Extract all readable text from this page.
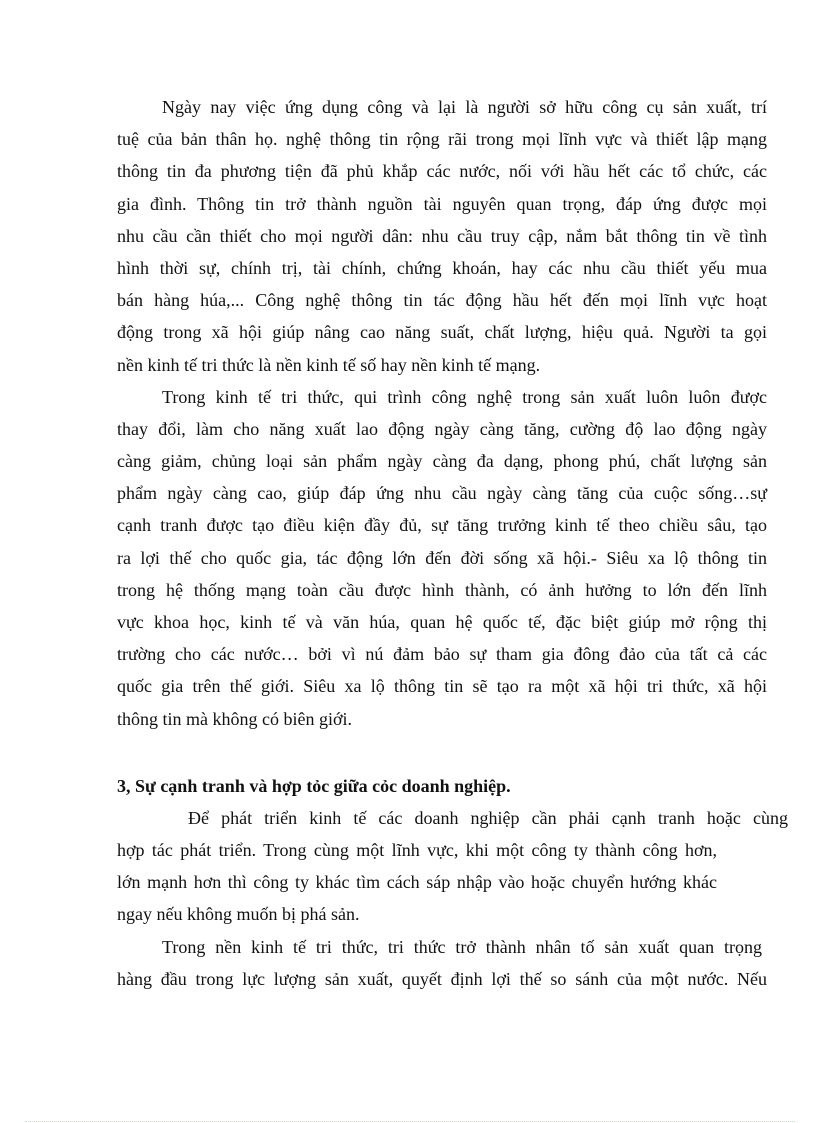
Ngày nay việc ứng dụng công và lại là người sở hữu công cụ sản xuất, trí
tuệ của bản thân họ. nghệ thông tin rộng rãi trong mọi lĩnh vực và thiết lập mạng
thông tin đa phương tiện đã phủ khắp các nước, nối với hầu hết các tổ chức, các
gia đình. Thông tin trở thành nguồn tài nguyên quan trọng, đáp ứng được mọi
nhu cầu cần thiết cho mọi người dân: nhu cầu truy cập, nắm bắt thông tin về tình
hình thời sự, chính trị, tài chính, chứng khoán, hay các nhu cầu thiết yếu mua
bán hàng húa,... Công nghệ thông tin tác động hầu hết đến mọi lĩnh vực hoạt
động trong xã hội giúp nâng cao năng suất, chất lượng, hiệu quả. Người ta gọi
nền kinh tế tri thức là nền kinh tế số hay nền kinh tế mạng.
Trong kinh tế tri thức, qui trình công nghệ trong sản xuất luôn luôn được
thay đổi, làm cho năng xuất lao động ngày càng tăng, cường độ lao động ngày
càng giảm, chủng loại sản phẩm ngày càng đa dạng, phong phú, chất lượng sản
phẩm ngày càng cao, giúp đáp ứng nhu cầu ngày càng tăng của cuộc sống…sự
cạnh tranh được tạo điều kiện đầy đủ, sự tăng trưởng kinh tế theo chiều sâu, tạo
ra lợi thế cho quốc gia, tác động lớn đến đời sống xã hội.- Siêu xa lộ thông tin
trong hệ thống mạng toàn cầu được hình thành, có ảnh hưởng to lớn đến lĩnh
vực khoa học, kinh tế và văn húa, quan hệ quốc tế, đặc biệt giúp mở rộng thị
trường cho các nước… bởi vì nú đảm bảo sự tham gia đông đảo của tất cả các
quốc gia trên thế giới. Siêu xa lộ thông tin sẽ tạo ra một xã hội tri thức, xã hội
thông tin mà không có biên giới.
3, Sự cạnh tranh và hợp tỏc giữa cỏc doanh nghiệp.
Để phát triển kinh tế các doanh nghiệp cần phải cạnh tranh hoặc cùng
hợp tác phát triển. Trong cùng một lĩnh vực, khi một công ty thành công hơn,
lớn mạnh hơn thì công ty khác tìm cách sáp nhập vào hoặc chuyển hướng khác
ngay nếu không muốn bị phá sản.
Trong nền kinh tế tri thức, tri thức trở thành nhân tố sản xuất quan trọng
hàng đầu trong lực lượng sản xuất, quyết định lợi thế so sánh của một nước. Nếu
